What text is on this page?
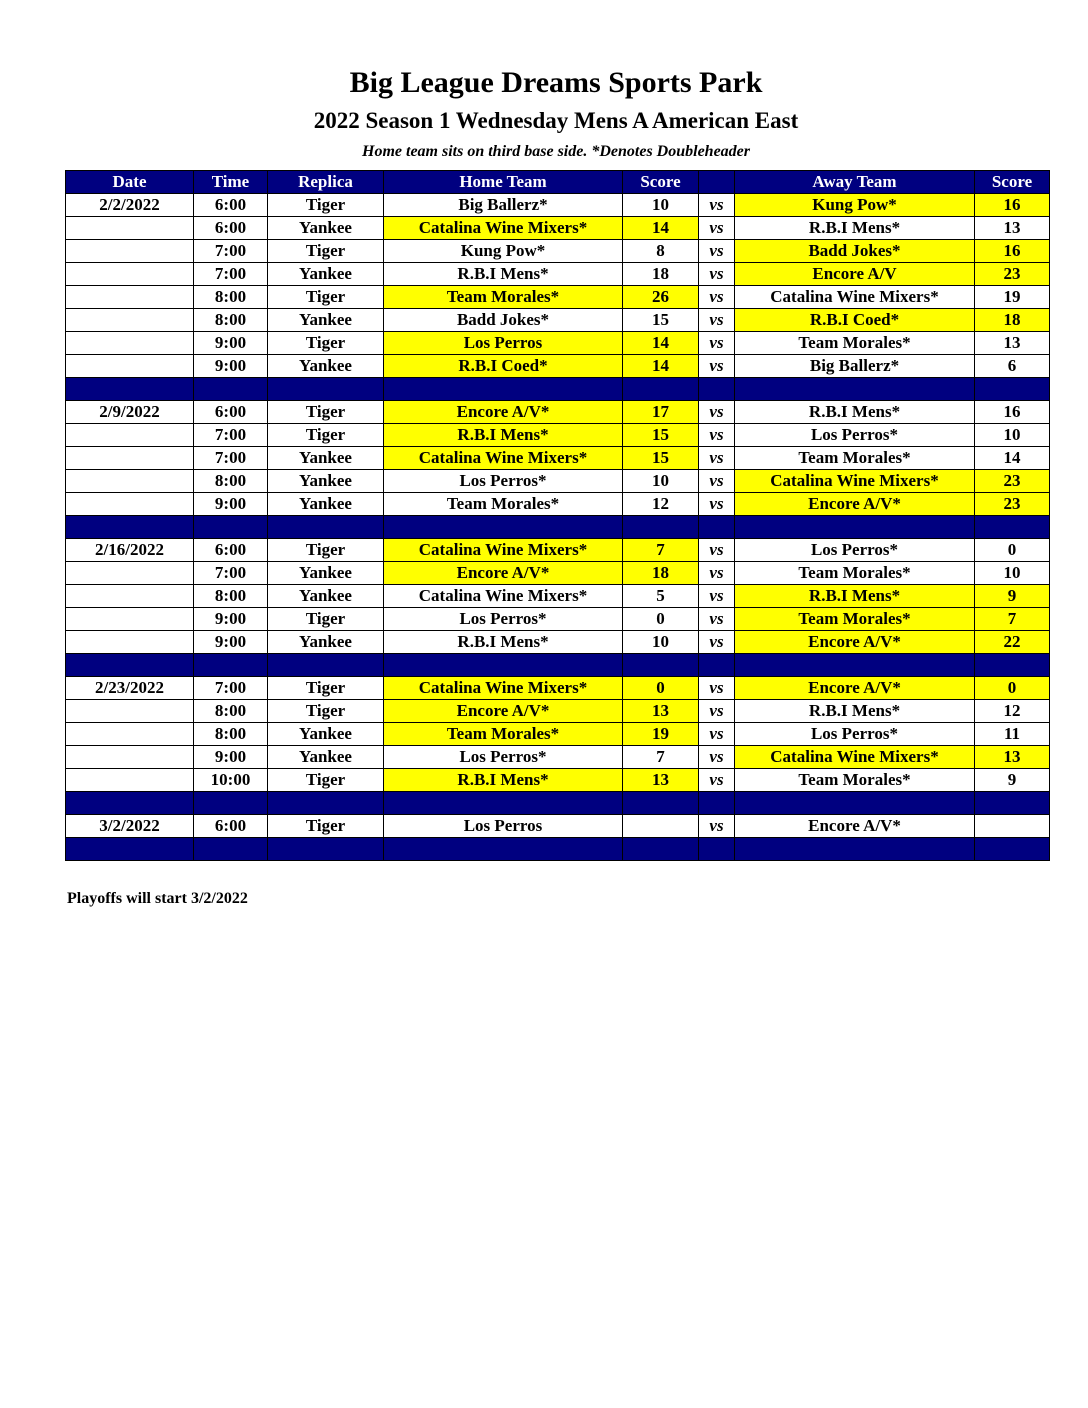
Big League Dreams Sports Park
2022 Season 1 Wednesday Mens A American East

Home team sits on third base side. *Denotes Doubleheader

Date	Time	Replica	Home Team	Score		Away Team	Score
2/2/2022	6:00	Tiger	Big Ballerz*	10	vs	Kung Pow*	16
	6:00	Yankee	Catalina Wine Mixers*	14	vs	R.B.I Mens*	13
	7:00	Tiger	Kung Pow*	8	vs	Badd Jokes*	16
	7:00	Yankee	R.B.I Mens*	18	vs	Encore A/V	23
	8:00	Tiger	Team Morales*	26	vs	Catalina Wine Mixers*	19
	8:00	Yankee	Badd Jokes*	15	vs	R.B.I Coed*	18
	9:00	Tiger	Los Perros	14	vs	Team Morales*	13
	9:00	Yankee	R.B.I Coed*	14	vs	Big Ballerz*	6

2/9/2022	6:00	Tiger	Encore A/V*	17	vs	R.B.I Mens*	16
	7:00	Tiger	R.B.I Mens*	15	vs	Los Perros*	10
	7:00	Yankee	Catalina Wine Mixers*	15	vs	Team Morales*	14
	8:00	Yankee	Los Perros*	10	vs	Catalina Wine Mixers*	23
	9:00	Yankee	Team Morales*	12	vs	Encore A/V*	23

2/16/2022	6:00	Tiger	Catalina Wine Mixers*	7	vs	Los Perros*	0
	7:00	Yankee	Encore A/V*	18	vs	Team Morales*	10
	8:00	Yankee	Catalina Wine Mixers*	5	vs	R.B.I Mens*	9
	9:00	Tiger	Los Perros*	0	vs	Team Morales*	7
	9:00	Yankee	R.B.I Mens*	10	vs	Encore A/V*	22

2/23/2022	7:00	Tiger	Catalina Wine Mixers*	0	vs	Encore A/V*	0
	8:00	Tiger	Encore A/V*	13	vs	R.B.I Mens*	12
	8:00	Yankee	Team Morales*	19	vs	Los Perros*	11
	9:00	Yankee	Los Perros*	7	vs	Catalina Wine Mixers*	13
	10:00	Tiger	R.B.I Mens*	13	vs	Team Morales*	9

3/2/2022	6:00	Tiger	Los Perros		vs	Encore A/V*	

Playoffs will start 3/2/2022
